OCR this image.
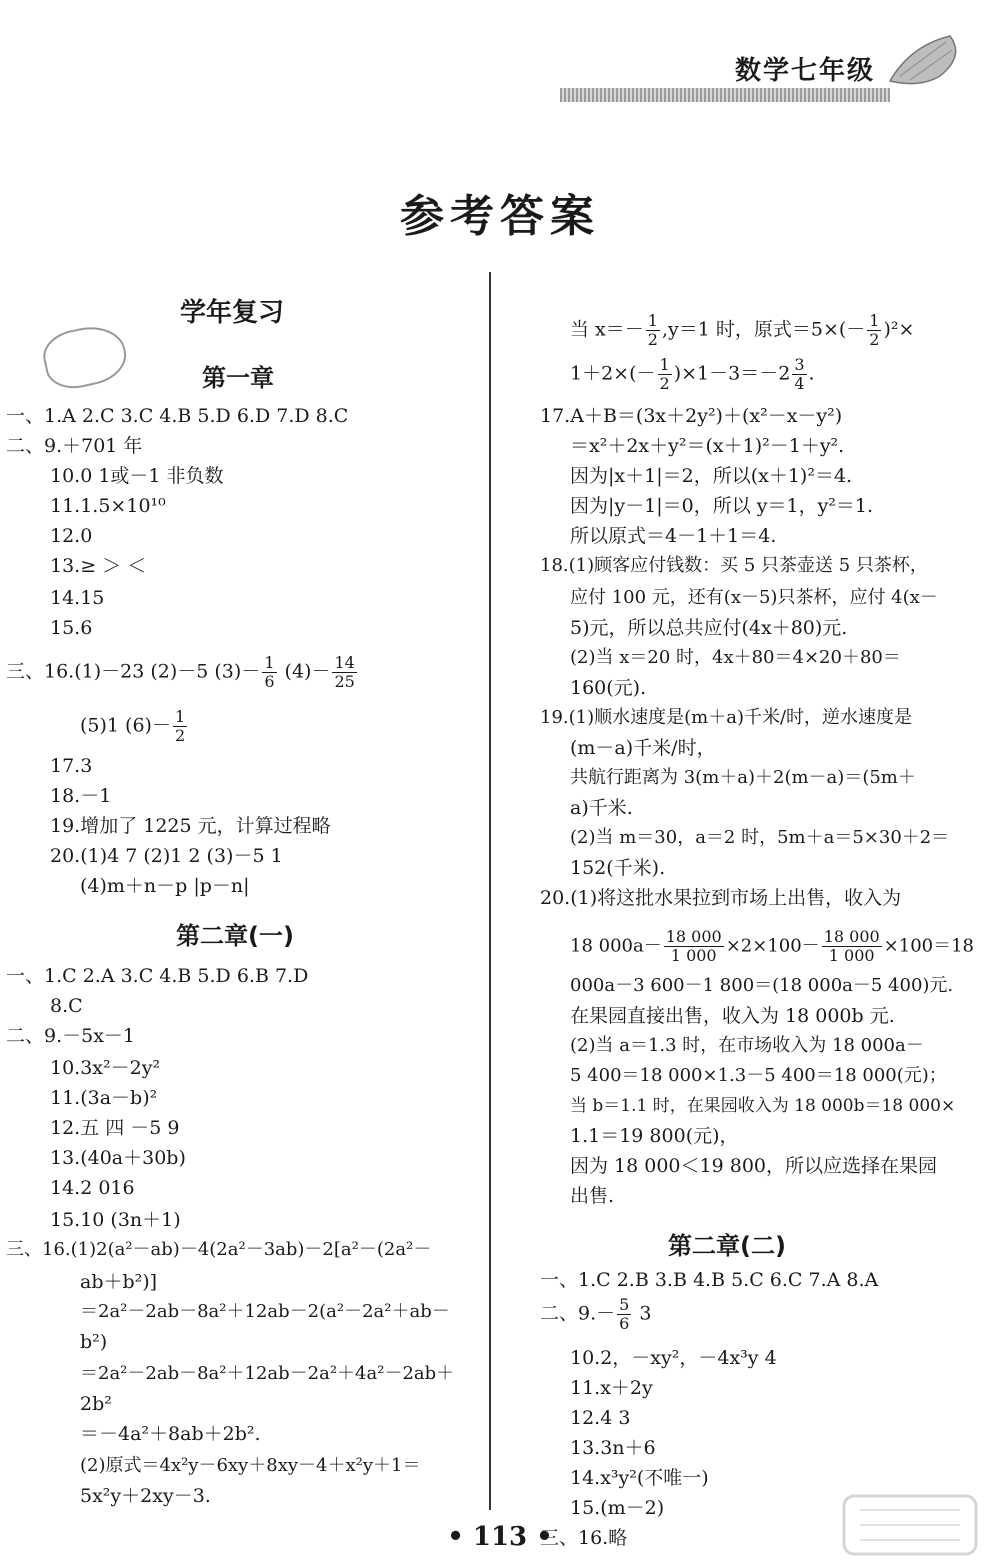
数学七年级
参考答案
学年复习
第一章
一、1.A 2.C 3.C 4.B 5.D 6.D 7.D 8.C
二、9.＋701 年
10.0 1或－1 非负数
11.1.5×10¹⁰
12.0
13.≥ ＞ ＜
14.15
15.6
三、16.(1)－23 (2)－5 $(3)- \frac{1}{6} (4)- \frac{14}{25}$
(5)1 $(6)- \frac{1}{2}$
17.3
18.－1
19.增加了 1225 元，计算过程略
20.(1)4 7 (2)1 2 (3)－5 1
(4)m＋n－p |p－n|
第二章(一)
一、1.C 2.A 3.C 4.B 5.D 6.B 7.D
8.C
二、9.－5x－1
10.3x²－2y²
11.(3a－b)²
12.五 四 －5 9
13.(40a＋30b)
14.2 016
15.10 (3n＋1)
三、16.(1)2(a²－ab)－4(2a²－3ab)－2[a²－(2a²－
ab＋b²)]
＝2a²－2ab－8a²＋12ab－2(a²－2a²＋ab－
b²)
＝2a²－2ab－8a²＋12ab－2a²＋4a²－2ab＋
2b²
＝－4a²＋8ab＋2b².
(2)原式＝4x²y－6xy＋8xy－4＋x²y＋1＝
5x²y＋2xy－3.
当 $x=- \frac{1}{2} ,y=1$ 时，原式$=5\times(- \frac{1}{2} )^2\times$
$1+2\times(- \frac{1}{2} )\times 1-3=-2 \frac{3}{4}$ .
17.A＋B＝(3x＋2y²)＋(x²－x－y²)
＝x²＋2x＋y²＝(x＋1)²－1＋y².
因为|x＋1|＝2，所以(x＋1)²＝4.
因为|y－1|＝0，所以 y＝1，y²＝1.
所以原式＝4－1＋1＝4.
18.(1)顾客应付钱数：买 5 只茶壶送 5 只茶杯，
应付 100 元，还有(x－5)只茶杯，应付 4(x－
5)元，所以总共应付(4x＋80)元.
(2)当 x＝20 时，4x＋80＝4×20＋80＝
160(元).
19.(1)顺水速度是(m＋a)千米/时，逆水速度是
(m－a)千米/时，
共航行距离为 3(m＋a)＋2(m－a)＝(5m＋
a)千米.
(2)当 m＝30，a＝2 时，5m＋a＝5×30＋2＝
152(千米).
20.(1)将这批水果拉到市场上出售，收入为
18 $000a- \frac{18 000}{1 000} \times 2\times 100- \frac{18 000}{1 000} \times 100=18$
000a－3 600－1 800＝(18 000a－5 400)元.
在果园直接出售，收入为 18 000b 元.
(2)当 a＝1.3 时，在市场收入为 18 000a－
5 400＝18 000×1.3－5 400＝18 000(元)；
当 b＝1.1 时，在果园收入为 18 000b＝18 000×
1.1＝19 800(元)，
因为 18 000＜19 800，所以应选择在果园
出售.
第二章(二)
一、1.C 2.B 3.B 4.B 5.C 6.C 7.A 8.A
二、$9.- \frac{5}{6} 3$
10.2，－xy²，－4x³y 4
11.x＋2y
12.4 3
13.3n＋6
14.x³y²(不唯一)
15.(m－2)
三、16.略
• 113 •
